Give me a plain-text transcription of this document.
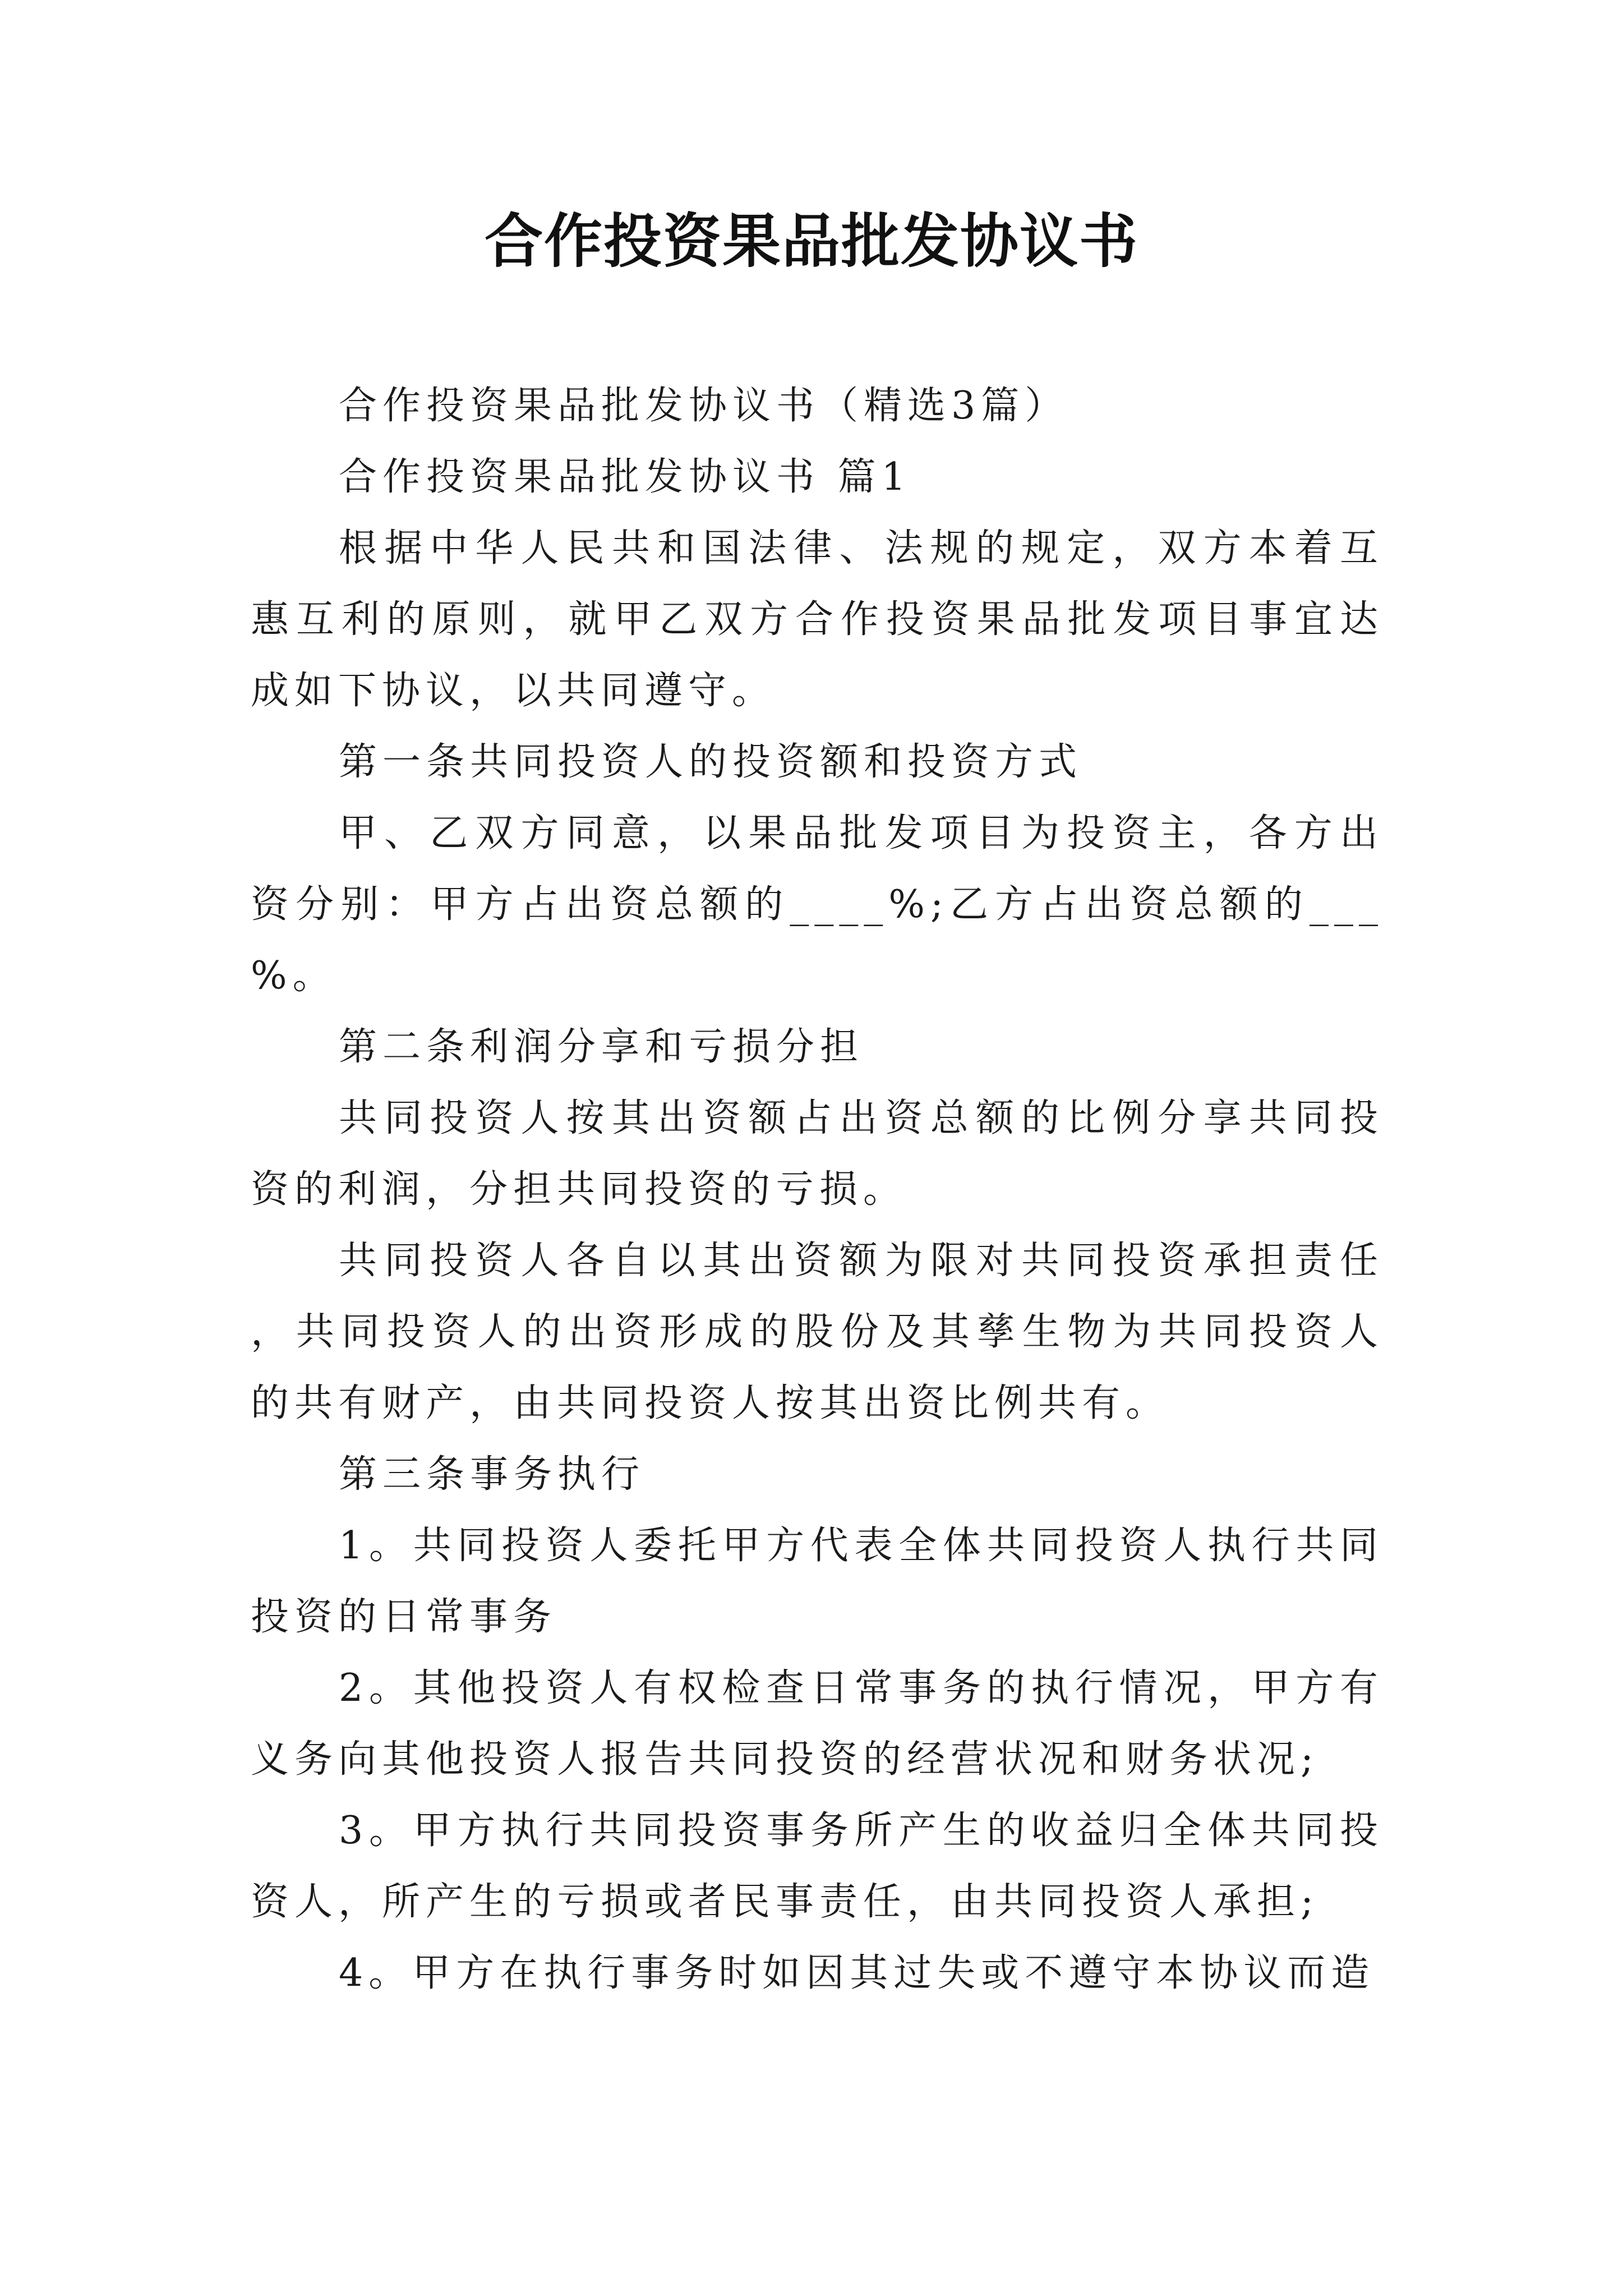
合作投资果品批发协议书

合作投资果品批发协议书（精选3篇）

合作投资果品批发协议书 篇1

根据中华人民共和国法律、法规的规定，双方本着互惠互利的原则，就甲乙双方合作投资果品批发项目事宜达成如下协议，以共同遵守。

第一条共同投资人的投资额和投资方式

甲、乙双方同意，以果品批发项目为投资主，各方出资分别：甲方占出资总额的____%;乙方占出资总额的___%。

第二条利润分享和亏损分担

共同投资人按其出资额占出资总额的比例分享共同投资的利润，分担共同投资的亏损。

共同投资人各自以其出资额为限对共同投资承担责任，共同投资人的出资形成的股份及其孳生物为共同投资人的共有财产，由共同投资人按其出资比例共有。

第三条事务执行

1。共同投资人委托甲方代表全体共同投资人执行共同投资的日常事务

2。其他投资人有权检查日常事务的执行情况，甲方有义务向其他投资人报告共同投资的经营状况和财务状况;

3。甲方执行共同投资事务所产生的收益归全体共同投资人，所产生的亏损或者民事责任，由共同投资人承担;

4。甲方在执行事务时如因其过失或不遵守本协议而造
